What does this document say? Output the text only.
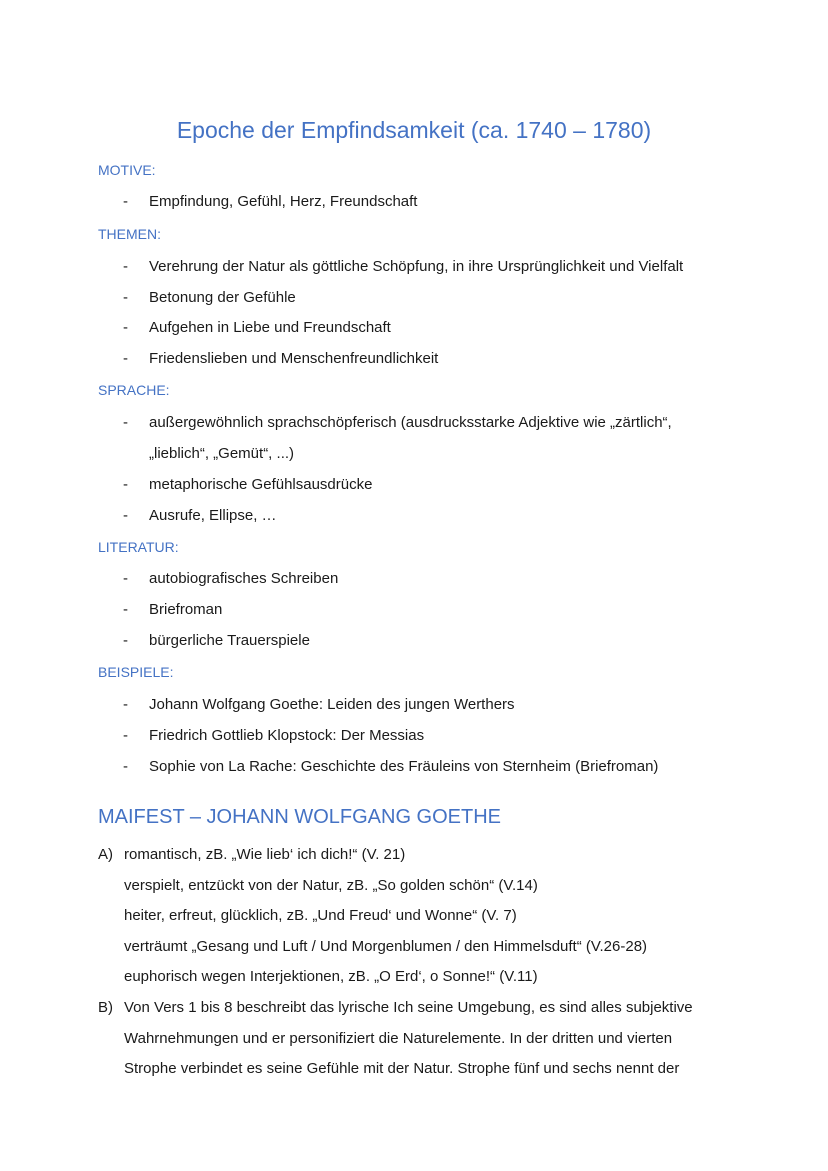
Epoche der Empfindsamkeit (ca. 1740 – 1780)
MOTIVE:
- Empfindung, Gefühl, Herz, Freundschaft
THEMEN:
- Verehrung der Natur als göttliche Schöpfung, in ihre Ursprünglichkeit und Vielfalt
- Betonung der Gefühle
- Aufgehen in Liebe und Freundschaft
- Friedenslieben und Menschenfreundlichkeit
SPRACHE:
- außergewöhnlich sprachschöpferisch (ausdrucksstarke Adjektive wie „zärtlich“,
„lieblich“, „Gemüt“, ...)
- metaphorische Gefühlsausdrücke
- Ausrufe, Ellipse, …
LITERATUR:
- autobiografisches Schreiben
- Briefroman
- bürgerliche Trauerspiele
BEISPIELE:
- Johann Wolfgang Goethe: Leiden des jungen Werthers
- Friedrich Gottlieb Klopstock: Der Messias
- Sophie von La Rache: Geschichte des Fräuleins von Sternheim (Briefroman)
MAIFEST – JOHANN WOLFGANG GOETHE
A) romantisch, zB. „Wie lieb‘ ich dich!“ (V. 21)
verspielt, entzückt von der Natur, zB. „So golden schön“ (V.14)
heiter, erfreut, glücklich, zB. „Und Freud‘ und Wonne“ (V. 7)
verträumt „Gesang und Luft / Und Morgenblumen / den Himmelsduft“ (V.26-28)
euphorisch wegen Interjektionen, zB. „O Erd‘, o Sonne!“ (V.11)
B) Von Vers 1 bis 8 beschreibt das lyrische Ich seine Umgebung, es sind alles subjektive
Wahrnehmungen und er personifiziert die Naturelemente. In der dritten und vierten
Strophe verbindet es seine Gefühle mit der Natur. Strophe fünf und sechs nennt der
